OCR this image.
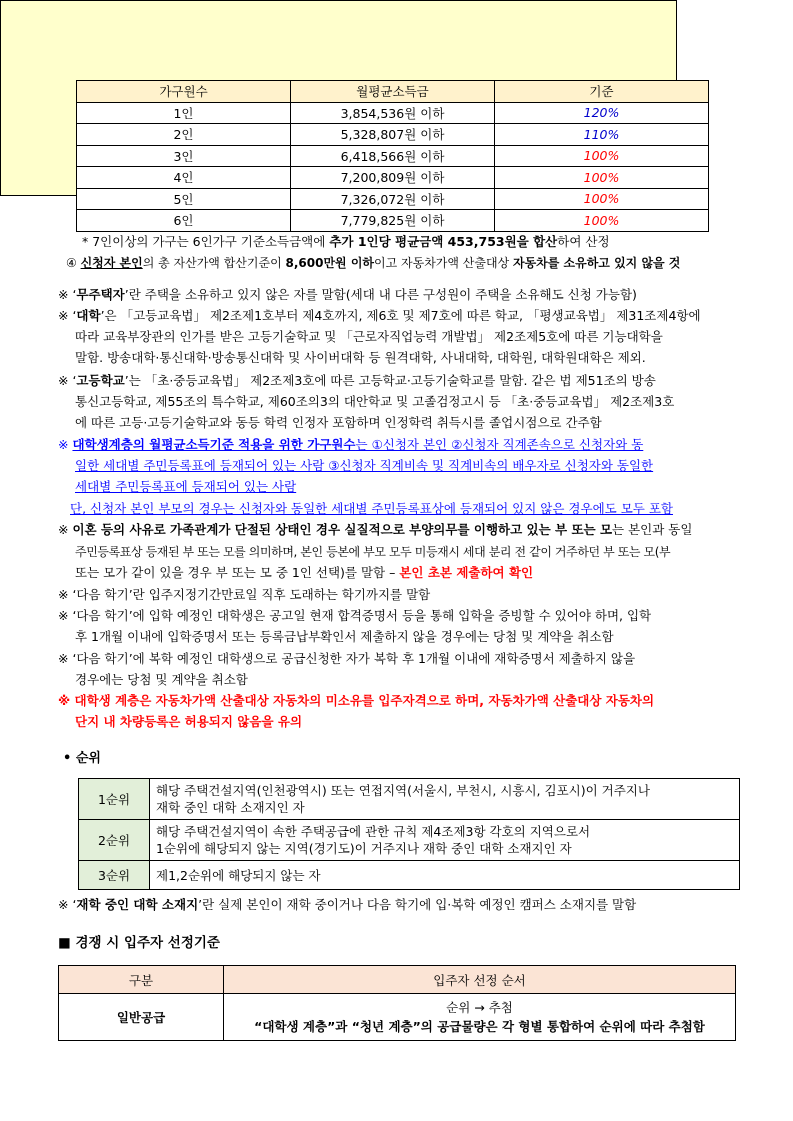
가구원수	월평균소득금	기준
1인	3,854,536원 이하	120%
2인	5,328,807원 이하	110%
3인	6,418,566원 이하	100%
4인	7,200,809원 이하	100%
5인	7,326,072원 이하	100%
6인	7,779,825원 이하	100%
* 7인이상의 가구는 6인가구 기준소득금액에 추가 1인당 평균금액 453,753원을 합산하여 산정
④ 신청자 본인의 총 자산가액 합산기준이 8,600만원 이하이고 자동차가액 산출대상 자동차를 소유하고 있지 않을 것
※ ‘무주택자’란 주택을 소유하고 있지 않은 자를 말함(세대 내 다른 구성원이 주택을 소유해도 신청 가능함)
※ ‘대학’은 「고등교육법」 제2조제1호부터 제4호까지, 제6호 및 제7호에 따른 학교, 「평생교육법」 제31조제4항에
따라 교육부장관의 인가를 받은 고등기술학교 및 「근로자직업능력 개발법」 제2조제5호에 따른 기능대학을
말함. 방송대학·통신대학·방송통신대학 및 사이버대학 등 원격대학, 사내대학, 대학원, 대학원대학은 제외.
※ ‘고등학교’는 「초·중등교육법」 제2조제3호에 따른 고등학교·고등기술학교를 말함. 같은 법 제51조의 방송
통신고등학교, 제55조의 특수학교, 제60조의3의 대안학교 및 고졸검정고시 등 「초·중등교육법」 제2조제3호
에 따른 고등·고등기술학교와 동등 학력 인정자 포함하며 인정학력 취득시를 졸업시점으로 간주함
※ 대학생계층의 월평균소득기준 적용을 위한 가구원수는 ①신청자 본인 ②신청자 직계존속으로 신청자와 동
일한 세대별 주민등록표에 등재되어 있는 사람 ③신청자 직계비속 및 직계비속의 배우자로 신청자와 동일한
세대별 주민등록표에 등재되어 있는 사람
단, 신청자 본인 부모의 경우는 신청자와 동일한 세대별 주민등록표상에 등재되어 있지 않은 경우에도 모두 포함
※ 이혼 등의 사유로 가족관계가 단절된 상태인 경우 실질적으로 부양의무를 이행하고 있는 부 또는 모는 본인과 동일
주민등록표상 등재된 부 또는 모를 의미하며, 본인 등본에 부모 모두 미등재시 세대 분리 전 같이 거주하던 부 또는 모(부
또는 모가 같이 있을 경우 부 또는 모 중 1인 선택)를 말함 – 본인 초본 제출하여 확인
※ ‘다음 학기’란 입주지정기간만료일 직후 도래하는 학기까지를 말함
※ ‘다음 학기’에 입학 예정인 대학생은 공고일 현재 합격증명서 등을 통해 입학을 증빙할 수 있어야 하며, 입학
후 1개월 이내에 입학증명서 또는 등록금납부확인서 제출하지 않을 경우에는 당첨 및 계약을 취소함
※ ‘다음 학기’에 복학 예정인 대학생으로 공급신청한 자가 복학 후 1개월 이내에 재학증명서 제출하지 않을
경우에는 당첨 및 계약을 취소함
※ 대학생 계층은 자동차가액 산출대상 자동차의 미소유를 입주자격으로 하며, 자동차가액 산출대상 자동차의
단지 내 차량등록은 허용되지 않음을 유의
• 순위
1순위	해당 주택건설지역(인천광역시) 또는 연접지역(서울시, 부천시, 시흥시, 김포시)이 거주지나
재학 중인 대학 소재지인 자

2순위	해당 주택건설지역이 속한 주택공급에 관한 규칙 제4조제3항 각호의 지역으로서
1순위에 해당되지 않는 지역(경기도)이 거주지나 재학 중인 대학 소재지인 자

3순위	제1,2순위에 해당되지 않는 자
※ ‘재학 중인 대학 소재지’란 실제 본인이 재학 중이거나 다음 학기에 입·복학 예정인 캠퍼스 소재지를 말함
■ 경쟁 시 입주자 선정기준
구분	입주자 선정 순서
일반공급	순위 → 추첨
“대학생 계층”과 “청년 계층”의 공급물량은 각 형별 통합하여 순위에 따라 추첨함
